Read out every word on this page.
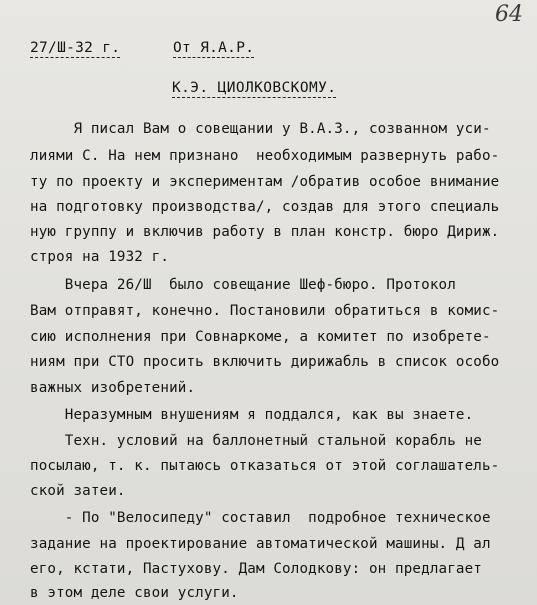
64
27/Ш-32 г.	От Я.А.Р.
К.Э. ЦИОЛКОВСКОМУ.
Я писал Вам о совещании у В.А.З., созванном уси-
лиями С. На нем признано  необходимым развернуть рабо-
ту по проекту и экспериментам /обратив особое внимание
на подготовку производства/, создав для этого специаль
ную группу и включив работу в план констр. бюро Дириж.
строя на 1932 г.
Вчера 26/Ш  было совещание Шеф-бюро. Протокол
Вам отправят, конечно. Постановили обратиться в комис-
сию исполнения при Совнаркоме, а комитет по изобрете-
ниям при СТО просить включить дирижабль в список особо
важных изобретений.
Неразумным внушениям я поддался, как вы знаете.
Техн. условий на баллонетный стальной корабль не
посылаю, т. к. пытаюсь отказаться от этой соглашатель-
ской затеи.
- По "Велосипеду" составил  подробное техническое
задание на проектирование автоматической машины. Д ал
его, кстати, Пастухову. Дам Солодкову: он предлагает
в этом деле свои услуги.
